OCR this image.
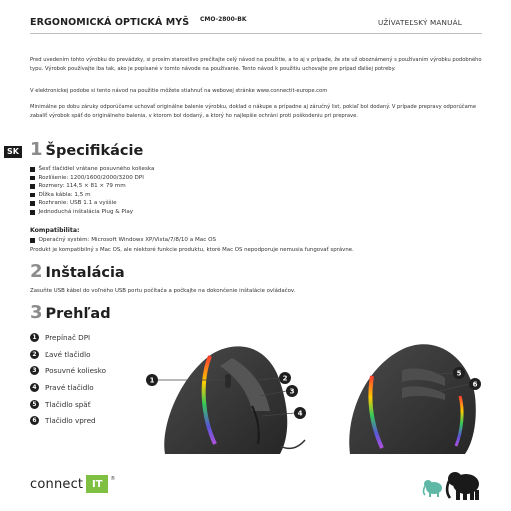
ERGONOMICKÁ OPTICKÁ MYŠ CMO-2800-BK	UŽÍVATEĽSKÝ MANUÁL

Pred uvedením tohto výrobku do prevádzky, si prosím starostlivo prečítajte celý návod na použitie, a to aj v prípade, že ste už oboznámený s používaním výrobku podobného typu. Výrobok používajte iba tak, ako je popísané v tomto návode na používanie. Tento návod k použitiu uchovajte pre prípad ďalšej potreby.

V elektronickej podobe si tento návod na použitie môžete stiahnuť na webovej stránke www.connectit-europe.com

Minimálne po dobu záruky odporúčame uchovať originálne balenie výrobku, doklad o nákupe a prípadne aj záručný list, pokiaľ bol dodaný. V prípade prepravy odporúčame zabaliť výrobok späť do originálneho balenia, v ktorom bol dodaný, a ktorý ho najlepšie ochráni proti poškodeniu pri preprave.

SK 1 Špecifikácie
Šesť tlačidiel vrátane posuvného kolieska
Rozlíšenie: 1200/1600/2000/3200 DPI
Rozmery: 114,5 × 81 × 79 mm
Dĺžka kábla: 1,5 m
Rozhranie: USB 1.1 a vyššie
Jednoduchá inštalácia Plug & Play
Kompatibilita:
Operačný systém: Microsoft Windows XP/Vista/7/8/10 a Mac OS
Produkt je kompatibilný s Mac OS, ale niektoré funkcie produktu, ktoré Mac OS nepodporuje nemusia fungovať správne.
2 Inštalácia
Zasuňte USB kábel do voľného USB portu počítača a počkajte na dokončenie inštalácie ovládačov.
3 Prehľad
1	Prepínač DPI
2	Ľavé tlačidlo
3	Posuvné koliesko
4	Pravé tlačidlo
5	Tlačidlo späť
6	Tlačidlo vpred
1	2
3
4
5
6
connect IT	®
